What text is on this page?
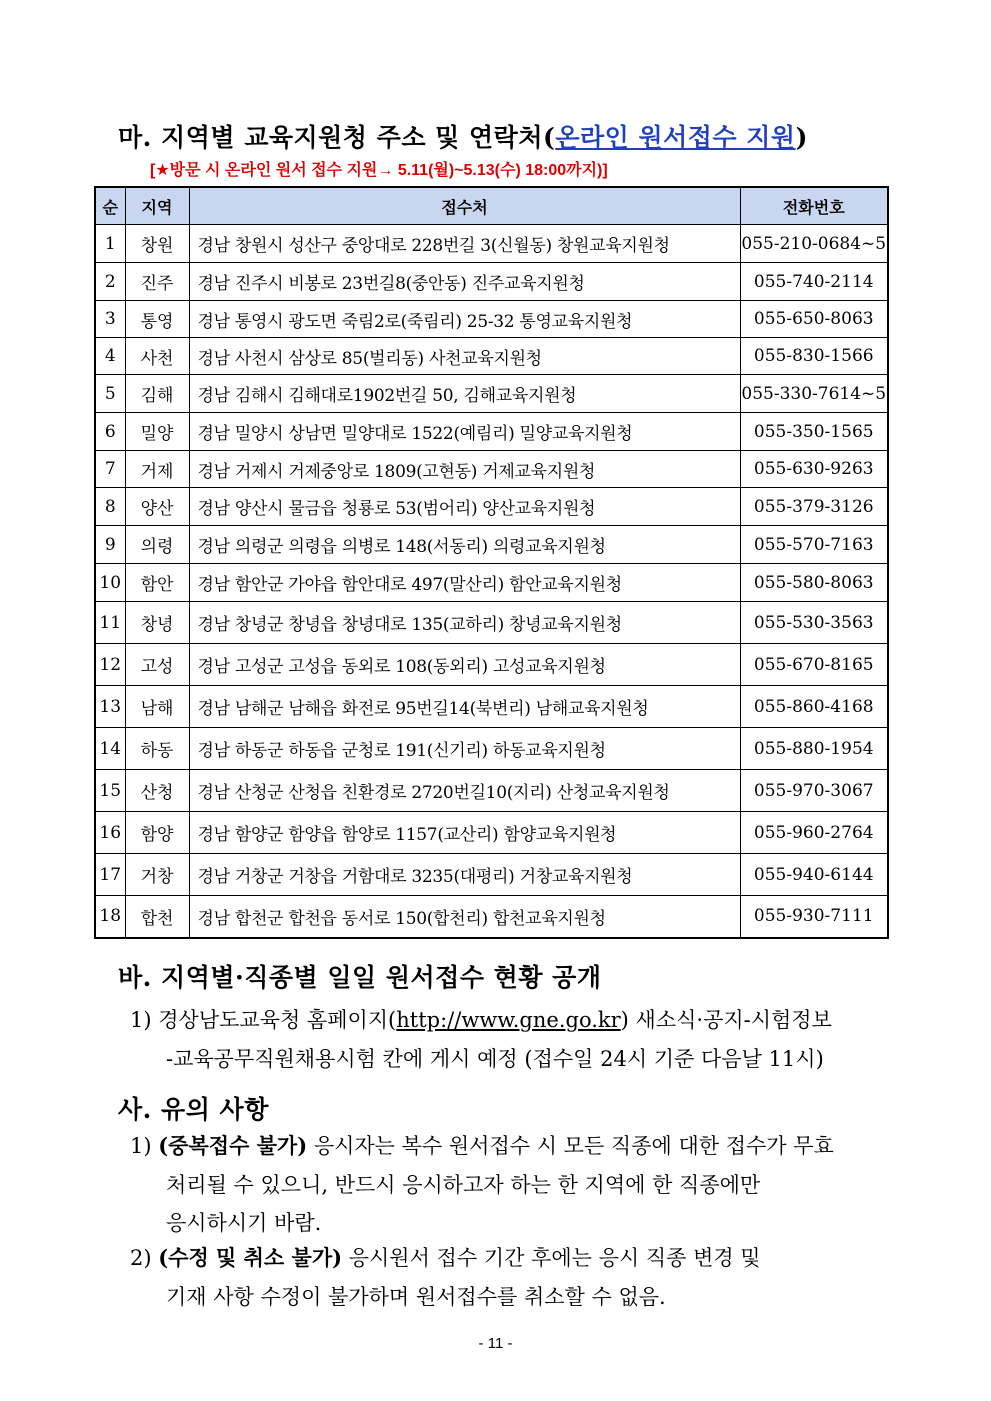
마. 지역별 교육지원청 주소 및 연락처(온라인 원서접수 지원)
[★방문 시 온라인 원서 접수 지원→ 5.11(월)~5.13(수) 18:00까지)]
순	지역	접수처	전화번호
1	창원	경남 창원시 성산구 중앙대로 228번길 3(신월동) 창원교육지원청	055-210-0684~5
2	진주	경남 진주시 비봉로 23번길8(중안동) 진주교육지원청	055-740-2114
3	통영	경남 통영시 광도면 죽림2로(죽림리) 25-32 통영교육지원청	055-650-8063
4	사천	경남 사천시 삼상로 85(벌리동) 사천교육지원청	055-830-1566
5	김해	경남 김해시 김해대로1902번길 50, 김해교육지원청	055-330-7614~5
6	밀양	경남 밀양시 상남면 밀양대로 1522(예림리) 밀양교육지원청	055-350-1565
7	거제	경남 거제시 거제중앙로 1809(고현동) 거제교육지원청	055-630-9263
8	양산	경남 양산시 물금읍 청룡로 53(범어리) 양산교육지원청	055-379-3126
9	의령	경남 의령군 의령읍 의병로 148(서동리) 의령교육지원청	055-570-7163
10	함안	경남 함안군 가야읍 함안대로 497(말산리) 함안교육지원청	055-580-8063
11	창녕	경남 창녕군 창녕읍 창녕대로 135(교하리) 창녕교육지원청	055-530-3563
12	고성	경남 고성군 고성읍 동외로 108(동외리) 고성교육지원청	055-670-8165
13	남해	경남 남해군 남해읍 화전로 95번길14(북변리) 남해교육지원청	055-860-4168
14	하동	경남 하동군 하동읍 군청로 191(신기리) 하동교육지원청	055-880-1954
15	산청	경남 산청군 산청읍 친환경로 2720번길10(지리) 산청교육지원청	055-970-3067
16	함양	경남 함양군 함양읍 함양로 1157(교산리) 함양교육지원청	055-960-2764
17	거창	경남 거창군 거창읍 거함대로 3235(대평리) 거창교육지원청	055-940-6144
18	합천	경남 합천군 합천읍 동서로 150(합천리) 합천교육지원청	055-930-7111
바. 지역별·직종별 일일 원서접수 현황 공개
1) 경상남도교육청 홈페이지(http://www.gne.go.kr) 새소식·공지-시험정보
-교육공무직원채용시험 칸에 게시 예정 (접수일 24시 기준 다음날 11시)
사. 유의 사항
1) (중복접수 불가) 응시자는 복수 원서접수 시 모든 직종에 대한 접수가 무효
처리될 수 있으니, 반드시 응시하고자 하는 한 지역에 한 직종에만
응시하시기 바람.
2) (수정 및 취소 불가) 응시원서 접수 기간 후에는 응시 직종 변경 및
기재 사항 수정이 불가하며 원서접수를 취소할 수 없음.
- 11 -
